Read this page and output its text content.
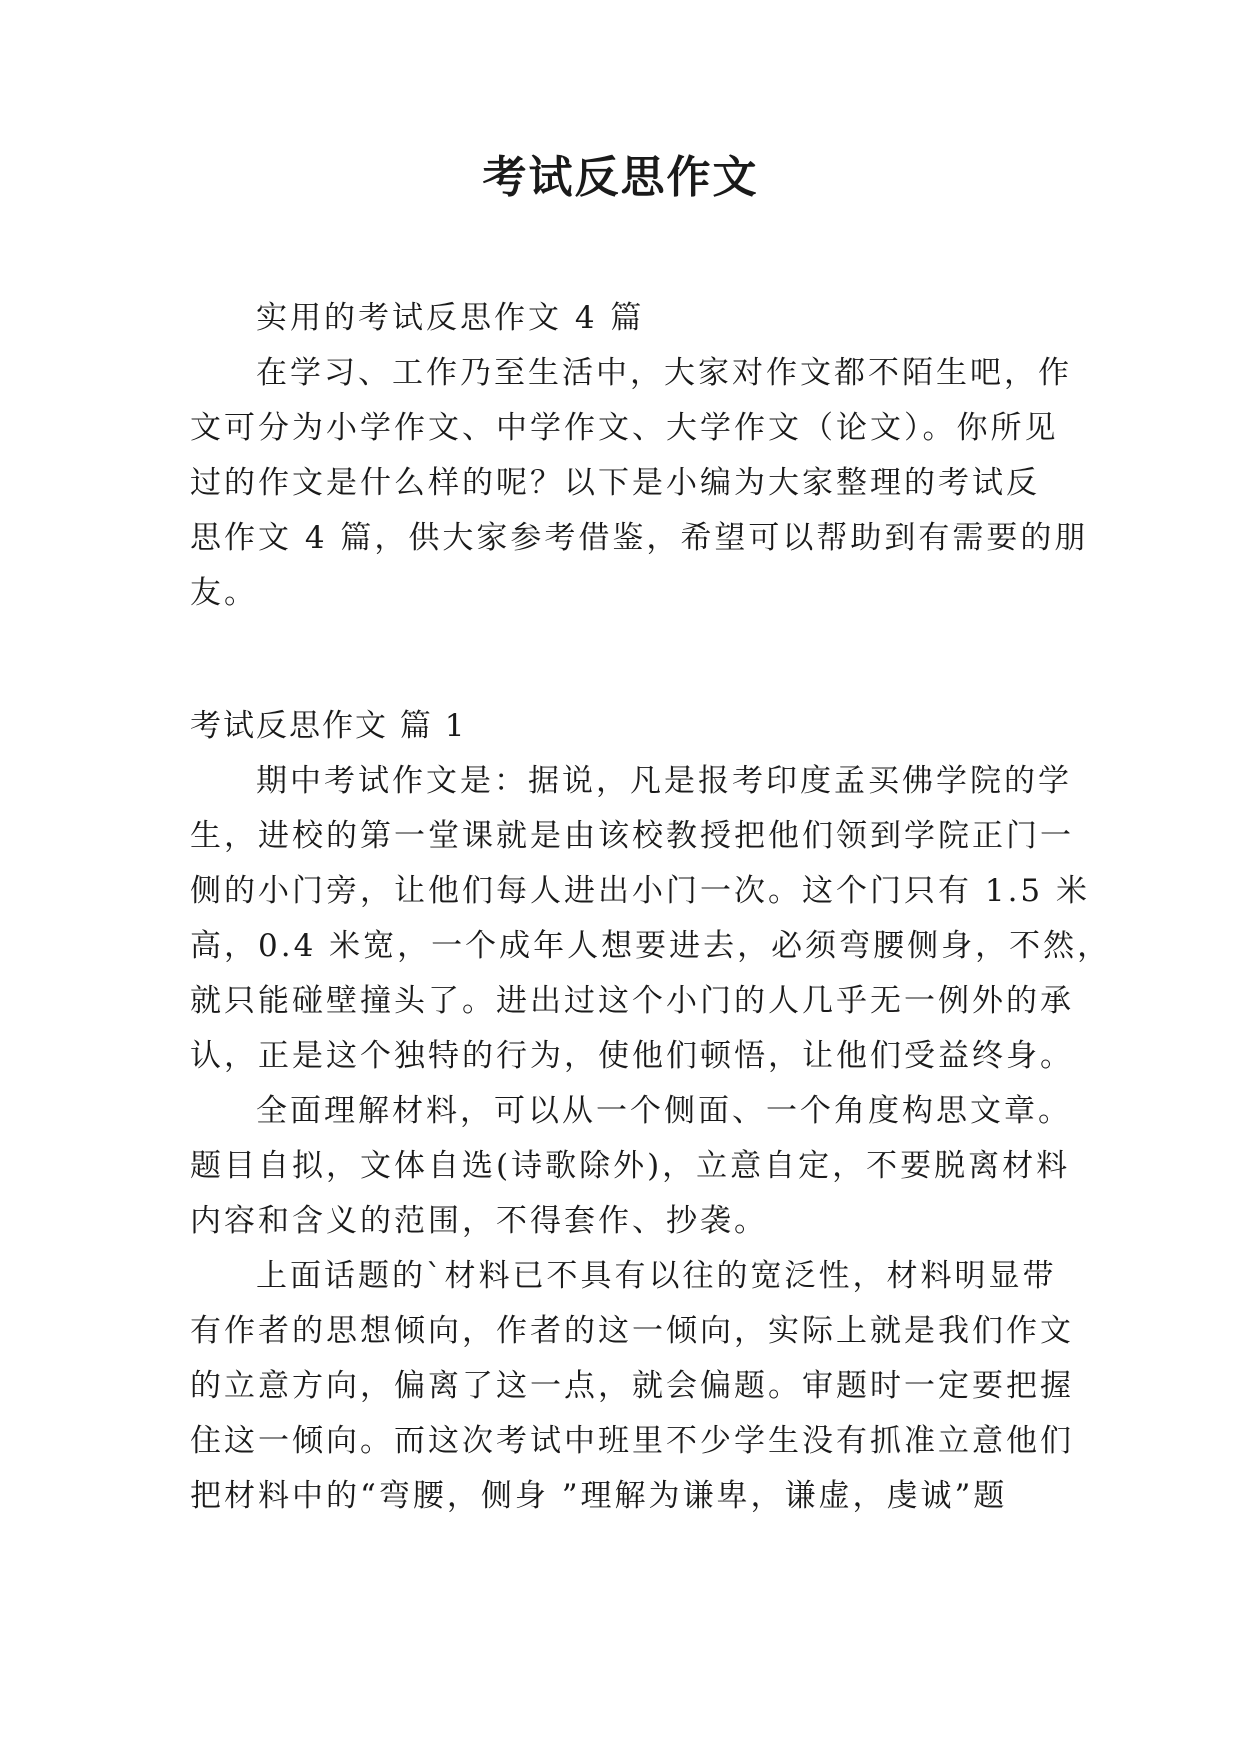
考试反思作文
实用的考试反思作文 4 篇
在学习、工作乃至生活中，大家对作文都不陌生吧，作
文可分为小学作文、中学作文、大学作文（论文）。你所见
过的作文是什么样的呢？以下是小编为大家整理的考试反
思作文 4 篇，供大家参考借鉴，希望可以帮助到有需要的朋
友。
考试反思作文 篇 1
期中考试作文是：据说，凡是报考印度孟买佛学院的学
生，进校的第一堂课就是由该校教授把他们领到学院正门一
侧的小门旁，让他们每人进出小门一次。这个门只有 1.5 米
高，0.4 米宽，一个成年人想要进去，必须弯腰侧身，不然，
就只能碰壁撞头了。进出过这个小门的人几乎无一例外的承
认，正是这个独特的行为，使他们顿悟，让他们受益终身。
全面理解材料，可以从一个侧面、一个角度构思文章。
题目自拟，文体自选(诗歌除外)，立意自定，不要脱离材料
内容和含义的范围，不得套作、抄袭。
上面话题的`材料已不具有以往的宽泛性，材料明显带
有作者的思想倾向，作者的这一倾向，实际上就是我们作文
的立意方向，偏离了这一点，就会偏题。审题时一定要把握
住这一倾向。而这次考试中班里不少学生没有抓准立意他们
把材料中的“弯腰，侧身 ”理解为谦卑，谦虚，虔诚”题
